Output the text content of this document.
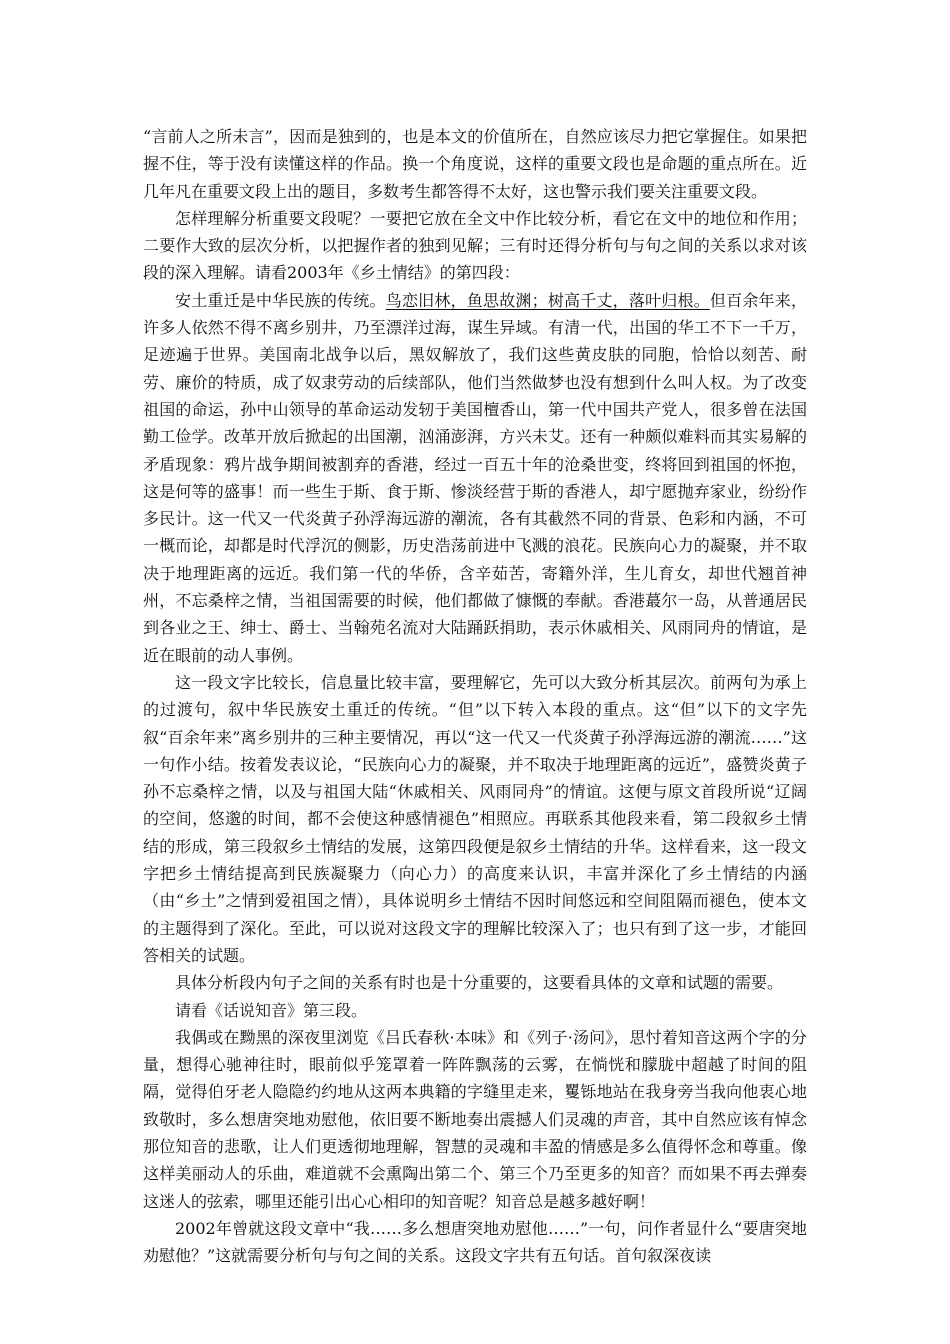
“言前人之所未言”，因而是独到的，也是本文的价值所在，自然应该尽力把它掌握住。如果把握不住，等于没有读懂这样的作品。换一个角度说，这样的重要文段也是命题的重点所在。近几年凡在重要文段上出的题目，多数考生都答得不太好，这也警示我们要关注重要文段。

怎样理解分析重要文段呢？一要把它放在全文中作比较分析，看它在文中的地位和作用；二要作大致的层次分析，以把握作者的独到见解；三有时还得分析句与句之间的关系以求对该段的深入理解。请看2003年《乡土情结》的第四段：

安土重迁是中华民族的传统。鸟恋旧林，鱼思故渊；树高千丈，落叶归根。但百余年来，许多人依然不得不离乡别井，乃至漂洋过海，谋生异域。有清一代，出国的华工不下一千万，足迹遍于世界。美国南北战争以后，黑奴解放了，我们这些黄皮肤的同胞，恰恰以刻苦、耐劳、廉价的特质，成了奴隶劳动的后续部队，他们当然做梦也没有想到什么叫人权。为了改变祖国的命运，孙中山领导的革命运动发轫于美国檀香山，第一代中国共产党人，很多曾在法国勤工俭学。改革开放后掀起的出国潮，汹涌澎湃，方兴未艾。还有一种颇似难料而其实易解的矛盾现象：鸦片战争期间被割弃的香港，经过一百五十年的沧桑世变，终将回到祖国的怀抱，这是何等的盛事！而一些生于斯、食于斯、惨淡经营于斯的香港人，却宁愿抛弃家业，纷纷作多民计。这一代又一代炎黄子孙浮海远游的潮流，各有其截然不同的背景、色彩和内涵，不可一概而论，却都是时代浮沉的侧影，历史浩荡前进中飞溅的浪花。民族向心力的凝聚，并不取决于地理距离的远近。我们第一代的华侨，含辛茹苦，寄籍外洋，生儿育女，却世代翘首神州，不忘桑梓之情，当祖国需要的时候，他们都做了慷慨的奉献。香港蕞尔一岛，从普通居民到各业之王、绅士、爵士、当翰苑名流对大陆踊跃捐助，表示休戚相关、风雨同舟的情谊，是近在眼前的动人事例。

这一段文字比较长，信息量比较丰富，要理解它，先可以大致分析其层次。前两句为承上的过渡句，叙中华民族安土重迁的传统。“但”以下转入本段的重点。这“但”以下的文字先叙“百余年来”离乡别井的三种主要情况，再以“这一代又一代炎黄子孙浮海远游的潮流……”这一句作小结。按着发表议论，“民族向心力的凝聚，并不取决于地理距离的远近”，盛赞炎黄子孙不忘桑梓之情，以及与祖国大陆“休戚相关、风雨同舟”的情谊。这便与原文首段所说“辽阔的空间，悠邈的时间，都不会使这种感情褪色”相照应。再联系其他段来看，第二段叙乡土情结的形成，第三段叙乡土情结的发展，这第四段便是叙乡土情结的升华。这样看来，这一段文字把乡土情结提高到民族凝聚力（向心力）的高度来认识，丰富并深化了乡土情结的内涵（由“乡土”之情到爱祖国之情），具体说明乡土情结不因时间悠远和空间阻隔而褪色，使本文的主题得到了深化。至此，可以说对这段文字的理解比较深入了；也只有到了这一步，才能回答相关的试题。

具体分析段内句子之间的关系有时也是十分重要的，这要看具体的文章和试题的需要。

请看《话说知音》第三段。

我偶或在黝黑的深夜里浏览《吕氏春秋·本味》和《列子·汤问》，思忖着知音这两个字的分量，想得心驰神往时，眼前似乎笼罩着一阵阵飘荡的云雾，在惝恍和朦胧中超越了时间的阻隔，觉得伯牙老人隐隐约约地从这两本典籍的字缝里走来，矍铄地站在我身旁当我向他衷心地致敬时，多么想唐突地劝慰他，依旧要不断地奏出震撼人们灵魂的声音，其中自然应该有悼念那位知音的悲歌，让人们更透彻地理解，智慧的灵魂和丰盈的情感是多么值得怀念和尊重。像这样美丽动人的乐曲，难道就不会熏陶出第二个、第三个乃至更多的知音？而如果不再去弹奏这迷人的弦索，哪里还能引出心心相印的知音呢？知音总是越多越好啊！

2002年曾就这段文章中“我……多么想唐突地劝慰他……”一句，问作者显什么“要唐突地劝慰他？”这就需要分析句与句之间的关系。这段文字共有五句话。首句叙深夜读
